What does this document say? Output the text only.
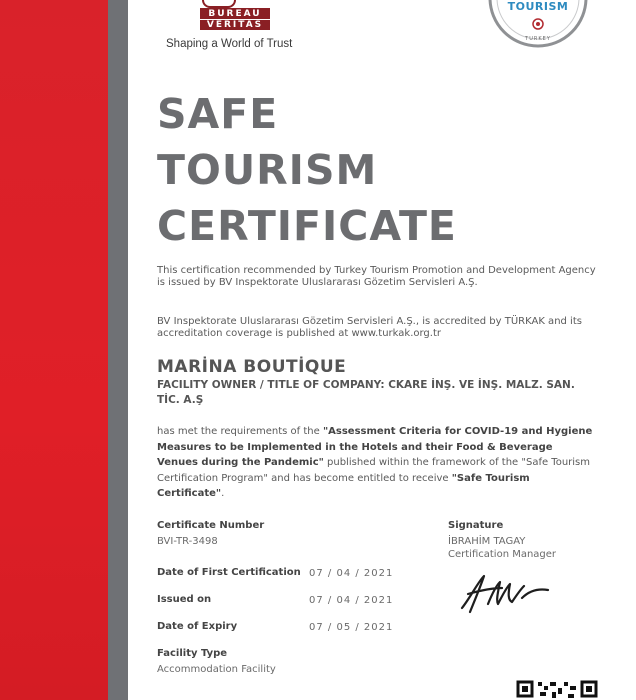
BUREAU
VERITAS
Shaping a World of Trust
TOURISM
TURKEY
SAFE
TOURISM
CERTIFICATE

This certification recommended by Turkey Tourism Promotion and Development Agency is issued by BV Inspektorate Uluslararası Gözetim Servisleri A.Ş.

BV Inspektorate Uluslararası Gözetim Servisleri A.Ş., is accredited by TÜRKAK and its accreditation coverage is published at www.turkak.org.tr

MARİNA BOUTİQUE

FACILITY OWNER / TITLE OF COMPANY: CKARE İNŞ. VE İNŞ. MALZ. SAN. TİC. A.Ş

has met the requirements of the "Assessment Criteria for COVID-19 and Hygiene Measures to be Implemented in the Hotels and their Food & Beverage Venues during the Pandemic" published within the framework of the "Safe Tourism Certification Program" and has become entitled to receive "Safe Tourism Certificate".

Certificate Number
BVI-TR-3498
Date of First Certification 07 / 04 / 2021
Issued on	07 / 04 / 2021
Date of Expiry	07 / 05 / 2021
Facility Type
Accommodation Facility
Signature
İBRAHİM TAGAY
Certification Manager
